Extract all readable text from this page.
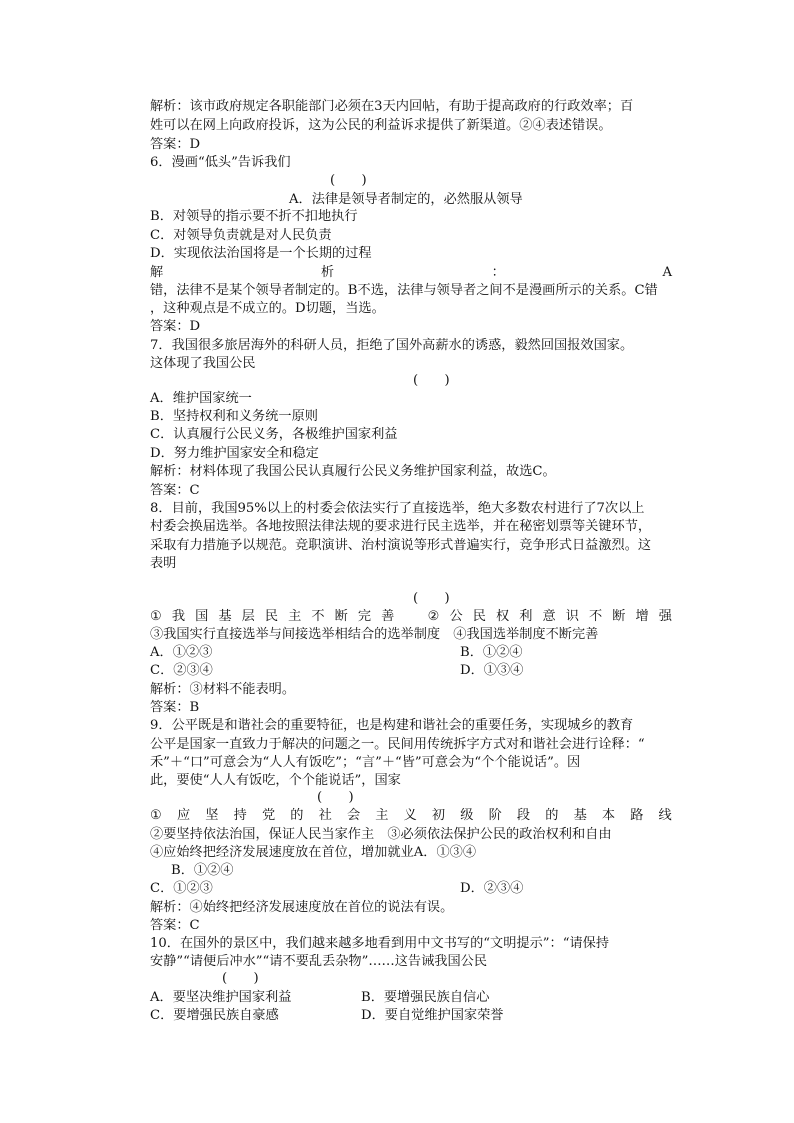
解析：该市政府规定各职能部门必须在3天内回帖，有助于提高政府的行政效率；百
姓可以在网上向政府投诉，这为公民的利益诉求提供了新渠道。②④表述错误。
答案：D
6．漫画“低头”告诉我们
(　　)
A．法律是领导者制定的，必然服从领导
B．对领导的指示要不折不扣地执行
C．对领导负责就是对人民负责
D．实现依法治国将是一个长期的过程
解	析	：	A
错，法律不是某个领导者制定的。B不选，法律与领导者之间不是漫画所示的关系。C错
，这种观点是不成立的。D切题，当选。
答案：D
7．我国很多旅居海外的科研人员，拒绝了国外高薪水的诱惑，毅然回国报效国家。
这体现了我国公民
(　　)
A．维护国家统一
B．坚持权利和义务统一原则
C．认真履行公民义务，各极维护国家利益
D．努力维护国家安全和稳定
解析：材料体现了我国公民认真履行公民义务维护国家利益，故选C。
答案：C
8．目前，我国95%以上的村委会依法实行了直接选举，绝大多数农村进行了7次以上
村委会换届选举。各地按照法律法规的要求进行民主选举，并在秘密划票等关键环节，
采取有力措施予以规范。竞职演讲、治村演说等形式普遍实行，竞争形式日益激烈。这
表明
(　　)
① 我 国 基 层 民 主 不 断 完 善
　	② 公 民 权 利 意 识 不 断 增 强
③我国实行直接选举与间接选举相结合的选举制度　④我国选举制度不断完善
A．①②③	B．①②④
C．②③④	D．①③④
解析：③材料不能表明。
答案：B
9．公平既是和谐社会的重要特征，也是构建和谐社会的重要任务，实现城乡的教育
公平是国家一直致力于解决的问题之一。民间用传统拆字方式对和谐社会进行诠释：“
禾”＋“口”可意会为“人人有饭吃”；“言”＋“皆”可意会为“个个能说话”。因
此，要使“人人有饭吃，个个能说话”，国家
(　　)
① 应 坚 持 党 的 社 会 主 义 初 级 阶 段 的 基 本 路 线
②要坚持依法治国，保证人民当家作主　③必须依法保护公民的政治权利和自由
④应始终把经济发展速度放在首位，增加就业A．①③④
B．①②④
C．①②③	D．②③④
解析：④始终把经济发展速度放在首位的说法有误。
答案：C
10．在国外的景区中，我们越来越多地看到用中文书写的“文明提示”：“请保持
安静”“请便后冲水”“请不要乱丢杂物”……这告诫我国公民
(　　)
A．要坚决维护国家利益	B．要增强民族自信心
C．要增强民族自豪感	D．要自觉维护国家荣誉
